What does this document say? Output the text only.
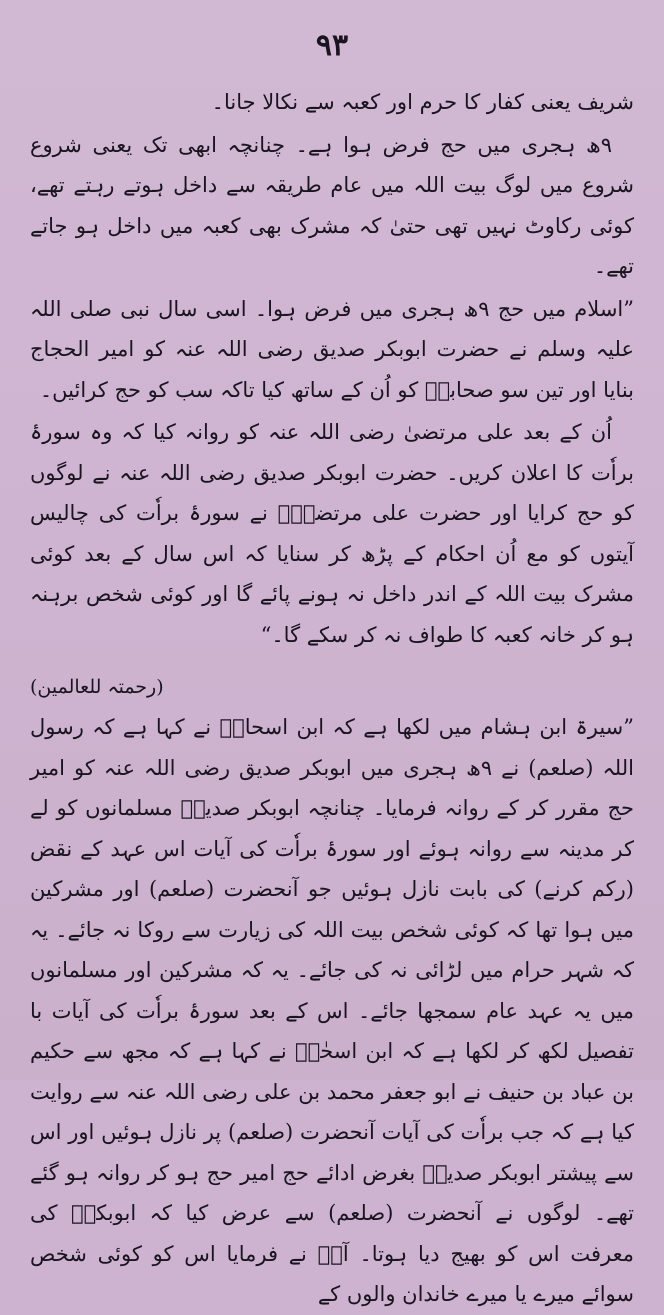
٩٣

شریف یعنی کفار کا حرم اور کعبہ سے نکالا جانا۔

۹ھ ہجری میں حج فرض ہوا ہے۔ چنانچہ ابھی تک یعنی شروع شروع میں لوگ بیت اللہ میں عام طریقہ سے داخل ہوتے رہتے تھے، کوئی رکاوٹ نہیں تھی حتیٰ کہ مشرک بھی کعبہ میں داخل ہو جاتے تھے۔

”اسلام میں حج ۹ھ ہجری میں فرض ہوا۔ اسی سال نبی صلی اللہ علیہ وسلم نے حضرت ابوبکر صدیق رضی اللہ عنہ کو امیر الحجاج بنایا اور تین سو صحابہؓ کو اُن کے ساتھ کیا تاکہ سب کو حج کرائیں۔

اُن کے بعد علی مرتضیٰ رضی اللہ عنہ کو روانہ کیا کہ وہ سورۂ براٗت کا اعلان کریں۔ حضرت ابوبکر صدیق رضی اللہ عنہ نے لوگوں کو حج کرایا اور حضرت علی مرتضیٰؓ نے سورۂ براٗت کی چالیس آیتوں کو مع اُن احکام کے پڑھ کر سنایا کہ اس سال کے بعد کوئی مشرک بیت اللہ کے اندر داخل نہ ہونے پائے گا اور کوئی شخص برہنہ ہو کر خانہ کعبہ کا طواف نہ کر سکے گا۔“

(رحمتہ للعالمین)

”سیرۃ ابن ہشام میں لکھا ہے کہ ابن اسحاقؒ نے کہا ہے کہ رسول اللہ (صلعم) نے ۹ھ ہجری میں ابوبکر صدیق رضی اللہ عنہ کو امیر حج مقرر کر کے روانہ فرمایا۔ چنانچہ ابوبکر صدیقؓ مسلمانوں کو لے کر مدینہ سے روانہ ہوئے اور سورۂ براٗت کی آیات اس عہد کے نقض (رکم کرنے) کی بابت نازل ہوئیں جو آنحضرت (صلعم) اور مشرکین میں ہوا تھا کہ کوئی شخص بیت اللہ کی زیارت سے روکا نہ جائے۔ یہ کہ شہر حرام میں لڑائی نہ کی جائے۔ یہ کہ مشرکین اور مسلمانوں میں یہ عہد عام سمجھا جائے۔ اس کے بعد سورۂ براٗت کی آیات با تفصیل لکھ کر لکھا ہے کہ ابن اسحٰقؒ نے کہا ہے کہ مجھ سے حکیم بن عباد بن حنیف نے ابو جعفر محمد بن علی رضی اللہ عنہ سے روایت کیا ہے کہ جب براٗت کی آیات آنحضرت (صلعم) پر نازل ہوئیں اور اس سے پیشتر ابوبکر صدیقؓ بغرض ادائے حج امیر حج ہو کر روانہ ہو گئے تھے۔ لوگوں نے آنحضرت (صلعم) سے عرض کیا کہ ابوبکرؓ کی معرفت اس کو بھیج دیا ہوتا۔ آپؐ نے فرمایا اس کو کوئی شخص سوائے میرے یا میرے خاندان والوں کے
